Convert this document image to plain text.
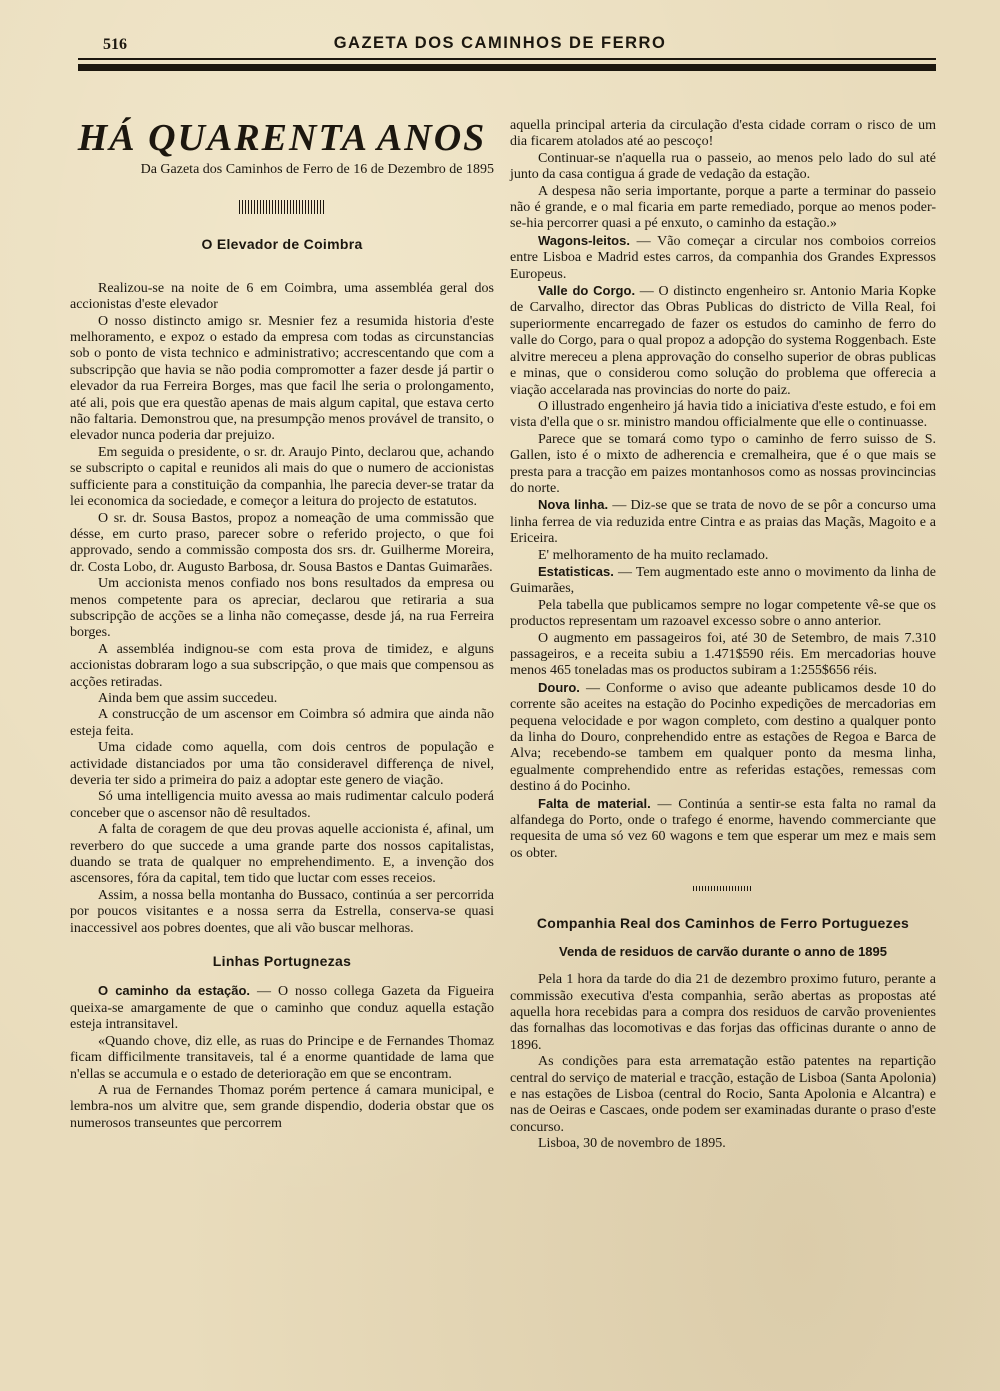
516	GAZETA DOS CAMINHOS DE FERRO
HÁ QUARENTA ANOS
Da Gazeta dos Caminhos de Ferro de 16 de Dezembro de 1895
O Elevador de Coimbra

Realizou-se na noite de 6 em Coimbra, uma assembléa geral dos accionistas d'este elevador

O nosso distincto amigo sr. Mesnier fez a resumida historia d'este melhoramento, e expoz o estado da empresa com todas as circunstancias sob o ponto de vista technico e administrativo; accrescentando que com a subscripção que havia se não podia compromotter a fazer desde já partir o elevador da rua Ferreira Borges, mas que facil lhe seria o prolongamento, até ali, pois que era questão apenas de mais algum capital, que estava certo não faltaria. Demonstrou que, na presumpção menos provável de transito, o elevador nunca poderia dar prejuizo.

Em seguida o presidente, o sr. dr. Araujo Pinto, declarou que, achando se subscripto o capital e reunidos ali mais do que o numero de accionistas sufficiente para a constituição da companhia, lhe parecia dever-se tratar da lei economica da sociedade, e começor a leitura do projecto de estatutos.

O sr. dr. Sousa Bastos, propoz a nomeação de uma commissão que désse, em curto praso, parecer sobre o referido projecto, o que foi approvado, sendo a commissão composta dos srs. dr. Guilherme Moreira, dr. Costa Lobo, dr. Augusto Barbosa, dr. Sousa Bastos e Dantas Guimarães.

Um accionista menos confiado nos bons resultados da empresa ou menos competente para os apreciar, declarou que retiraria a sua subscripção de acções se a linha não começasse, desde já, na rua Ferreira borges.

A assembléa indignou-se com esta prova de timidez, e alguns accionistas dobraram logo a sua subscripção, o que mais que compensou as acções retiradas.

Ainda bem que assim succedeu.

A construcção de um ascensor em Coimbra só admira que ainda não esteja feita.

Uma cidade como aquella, com dois centros de população e actividade distanciados por uma tão consideravel differença de nivel, deveria ter sido a primeira do paiz a adoptar este genero de viação.

Só uma intelligencia muito avessa ao mais rudimentar calculo poderá conceber que o ascensor não dê resultados.

A falta de coragem de que deu provas aquelle accionista é, afinal, um reverbero do que succede a uma grande parte dos nossos capitalistas, duando se trata de qualquer no emprehendimento. E, a invenção dos ascensores, fóra da capital, tem tido que luctar com esses receios.

Assim, a nossa bella montanha do Bussaco, continúa a ser percorrida por poucos visitantes e a nossa serra da Estrella, conserva-se quasi inaccessivel aos pobres doentes, que ali vão buscar melhoras.

Linhas Portugnezas

O caminho da estação. — O nosso collega Gazeta da Figueira queixa-se amargamente de que o caminho que conduz aquella estação esteja intransitavel.

«Quando chove, diz elle, as ruas do Principe e de Fernandes Thomaz ficam difficilmente transitaveis, tal é a enorme quantidade de lama que n'ellas se accumula e o estado de deterioração em que se encontram.

A rua de Fernandes Thomaz porém pertence á camara municipal, e lembra-nos um alvitre que, sem grande dispendio, doderia obstar que os numerosos transeuntes que percorrem

aquella principal arteria da circulação d'esta cidade corram o risco de um dia ficarem atolados até ao pescoço!

Continuar-se n'aquella rua o passeio, ao menos pelo lado do sul até junto da casa contigua á grade de vedação da estação.

A despesa não seria importante, porque a parte a terminar do passeio não é grande, e o mal ficaria em parte remediado, porque ao menos poder-se-hia percorrer quasi a pé enxuto, o caminho da estação.»

Wagons-leitos. — Vão começar a circular nos comboios correios entre Lisboa e Madrid estes carros, da companhia dos Grandes Expressos Europeus.

Valle do Corgo. — O distincto engenheiro sr. Antonio Maria Kopke de Carvalho, director das Obras Publicas do districto de Villa Real, foi superiormente encarregado de fazer os estudos do caminho de ferro do valle do Corgo, para o qual propoz a adopção do systema Roggenbach. Este alvitre mereceu a plena approvação do conselho superior de obras publicas e minas, que o considerou como solução do problema que offerecia a viação accelarada nas provincias do norte do paiz.

O illustrado engenheiro já havia tido a iniciativa d'este estudo, e foi em vista d'ella que o sr. ministro mandou officialmente que elle o continuasse.

Parece que se tomará como typo o caminho de ferro suisso de S. Gallen, isto é o mixto de adherencia e cremalheira, que é o que mais se presta para a tracção em paizes montanhosos como as nossas provincincias do norte.

Nova linha. — Diz-se que se trata de novo de se pôr a concurso uma linha ferrea de via reduzida entre Cintra e as praias das Maçãs, Magoito e a Ericeira.

E' melhoramento de ha muito reclamado.

Estatisticas. — Tem augmentado este anno o movimento da linha de Guimarães,

Pela tabella que publicamos sempre no logar competente vê-se que os productos representam um razoavel excesso sobre o anno anterior.

O augmento em passageiros foi, até 30 de Setembro, de mais 7.310 passageiros, e a receita subiu a 1.471$590 réis. Em mercadorias houve menos 465 toneladas mas os productos subiram a 1:255$656 réis.

Douro. — Conforme o aviso que adeante publicamos desde 10 do corrente são aceites na estação do Pocinho expedições de mercadorias em pequena velocidade e por wagon completo, com destino a qualquer ponto da linha do Douro, conprehendido entre as estações de Regoa e Barca de Alva; recebendo-se tambem em qualquer ponto da mesma linha, egualmente comprehendido entre as referidas estações, remessas com destino á do Pocinho.

Falta de material. — Continúa a sentir-se esta falta no ramal da alfandega do Porto, onde o trafego é enorme, havendo commerciante que requesita de uma só vez 60 wagons e tem que esperar um mez e mais sem os obter.

Companhia Real dos Caminhos de Ferro Portuguezes
Venda de residuos de carvão durante o anno de 1895

Pela 1 hora da tarde do dia 21 de dezembro proximo futuro, perante a commissão executiva d'esta companhia, serão abertas as propostas até aquella hora recebidas para a compra dos residuos de carvão provenientes das fornalhas das locomotivas e das forjas das officinas durante o anno de 1896.

As condições para esta arrematação estão patentes na repartição central do serviço de material e tracção, estação de Lisboa (Santa Apolonia) e nas estações de Lisboa (central do Rocio, Santa Apolonia e Alcantra) e nas de Oeiras e Cascaes, onde podem ser examinadas durante o praso d'este concurso.

Lisboa, 30 de novembro de 1895.
